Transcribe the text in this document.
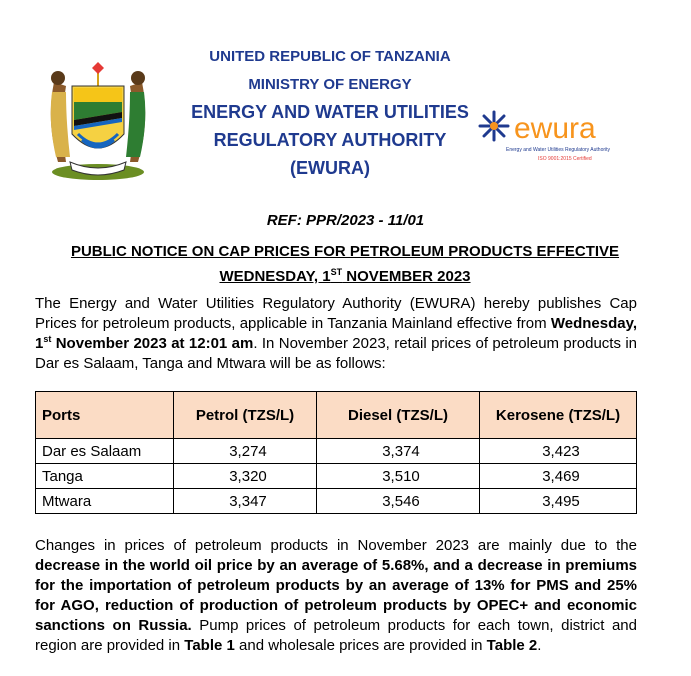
UNITED REPUBLIC OF TANZANIA
MINISTRY OF ENERGY
ENERGY AND WATER UTILITIES
REGULATORY AUTHORITY
(EWURA)
ewura
Energy and Water Utilities Regulatory Authority
ISO 9001:2015 Certified
REF: PPR/2023 - 11/01
PUBLIC NOTICE ON CAP PRICES FOR PETROLEUM PRODUCTS EFFECTIVE
WEDNESDAY, 1ST NOVEMBER 2023
The Energy and Water Utilities Regulatory Authority (EWURA) hereby publishes Cap Prices for petroleum products, applicable in Tanzania Mainland effective from Wednesday, 1st November 2023 at 12:01 am. In November 2023, retail prices of petroleum products in Dar es Salaam, Tanga and Mtwara will be as follows:
Ports	Petrol (TZS/L)	Diesel (TZS/L)	Kerosene (TZS/L)
Dar es Salaam	3,274	3,374	3,423
Tanga	3,320	3,510	3,469
Mtwara	3,347	3,546	3,495
Changes in prices of petroleum products in November 2023 are mainly due to the decrease in the world oil price by an average of 5.68%, and a decrease in premiums for the importation of petroleum products by an average of 13% for PMS and 25% for AGO, reduction of production of petroleum products by OPEC+ and economic sanctions on Russia. Pump prices of petroleum products for each town, district and region are provided in Table 1 and wholesale prices are provided in Table 2.
